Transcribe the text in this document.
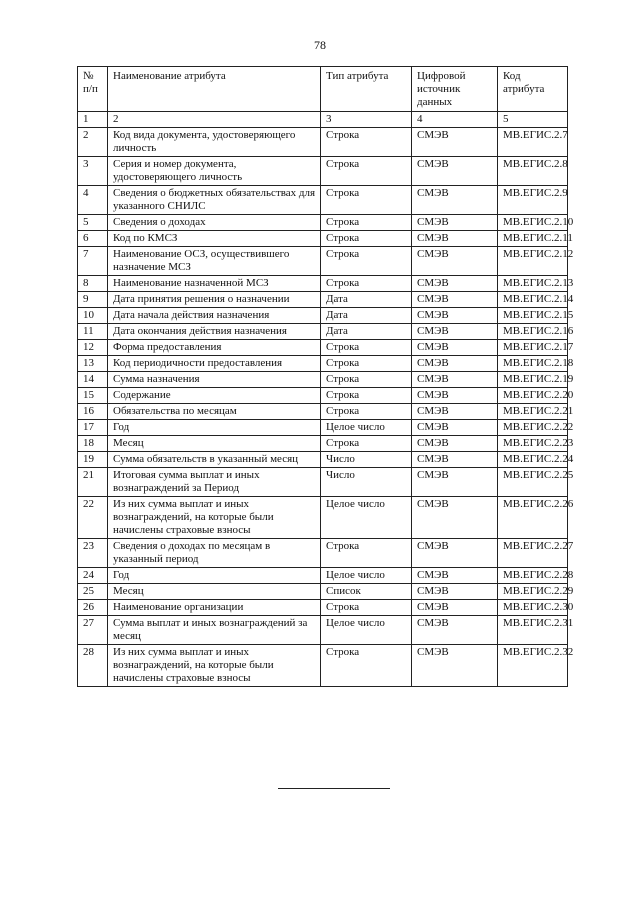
78
№ п/п	Наименование атрибута	Тип атрибута	Цифровой источник данных	Код атрибута
1	2	3	4	5
2	Код вида документа, удостоверяющего личность	Строка	СМЭВ	МВ.ЕГИС.2.7
3	Серия и номер документа, удостоверяющего личность	Строка	СМЭВ	МВ.ЕГИС.2.8
4	Сведения о бюджетных обязательствах для указанного СНИЛС	Строка	СМЭВ	МВ.ЕГИС.2.9
5	Сведения о доходах	Строка	СМЭВ	МВ.ЕГИС.2.10
6	Код по КМСЗ	Строка	СМЭВ	МВ.ЕГИС.2.11
7	Наименование ОСЗ, осуществившего назначение МСЗ	Строка	СМЭВ	МВ.ЕГИС.2.12
8	Наименование назначенной МСЗ	Строка	СМЭВ	МВ.ЕГИС.2.13
9	Дата принятия решения о назначении	Дата	СМЭВ	МВ.ЕГИС.2.14
10	Дата начала действия назначения	Дата	СМЭВ	МВ.ЕГИС.2.15
11	Дата окончания действия назначения	Дата	СМЭВ	МВ.ЕГИС.2.16
12	Форма предоставления	Строка	СМЭВ	МВ.ЕГИС.2.17
13	Код периодичности предоставления	Строка	СМЭВ	МВ.ЕГИС.2.18
14	Сумма назначения	Строка	СМЭВ	МВ.ЕГИС.2.19
15	Содержание	Строка	СМЭВ	МВ.ЕГИС.2.20
16	Обязательства по месяцам	Строка	СМЭВ	МВ.ЕГИС.2.21
17	Год	Целое число	СМЭВ	МВ.ЕГИС.2.22
18	Месяц	Строка	СМЭВ	МВ.ЕГИС.2.23
19	Сумма обязательств в указанный месяц	Число	СМЭВ	МВ.ЕГИС.2.24
21	Итоговая сумма выплат и иных вознаграждений за Период	Число	СМЭВ	МВ.ЕГИС.2.25
22	Из них сумма выплат и иных вознаграждений, на которые были начислены страховые взносы	Целое число	СМЭВ	МВ.ЕГИС.2.26
23	Сведения о доходах по месяцам в указанный период	Строка	СМЭВ	МВ.ЕГИС.2.27
24	Год	Целое число	СМЭВ	МВ.ЕГИС.2.28
25	Месяц	Список	СМЭВ	МВ.ЕГИС.2.29
26	Наименование организации	Строка	СМЭВ	МВ.ЕГИС.2.30
27	Сумма выплат и иных вознаграждений за месяц	Целое число	СМЭВ	МВ.ЕГИС.2.31
28	Из них сумма выплат и иных вознаграждений, на которые были начислены страховые взносы	Строка	СМЭВ	МВ.ЕГИС.2.32
